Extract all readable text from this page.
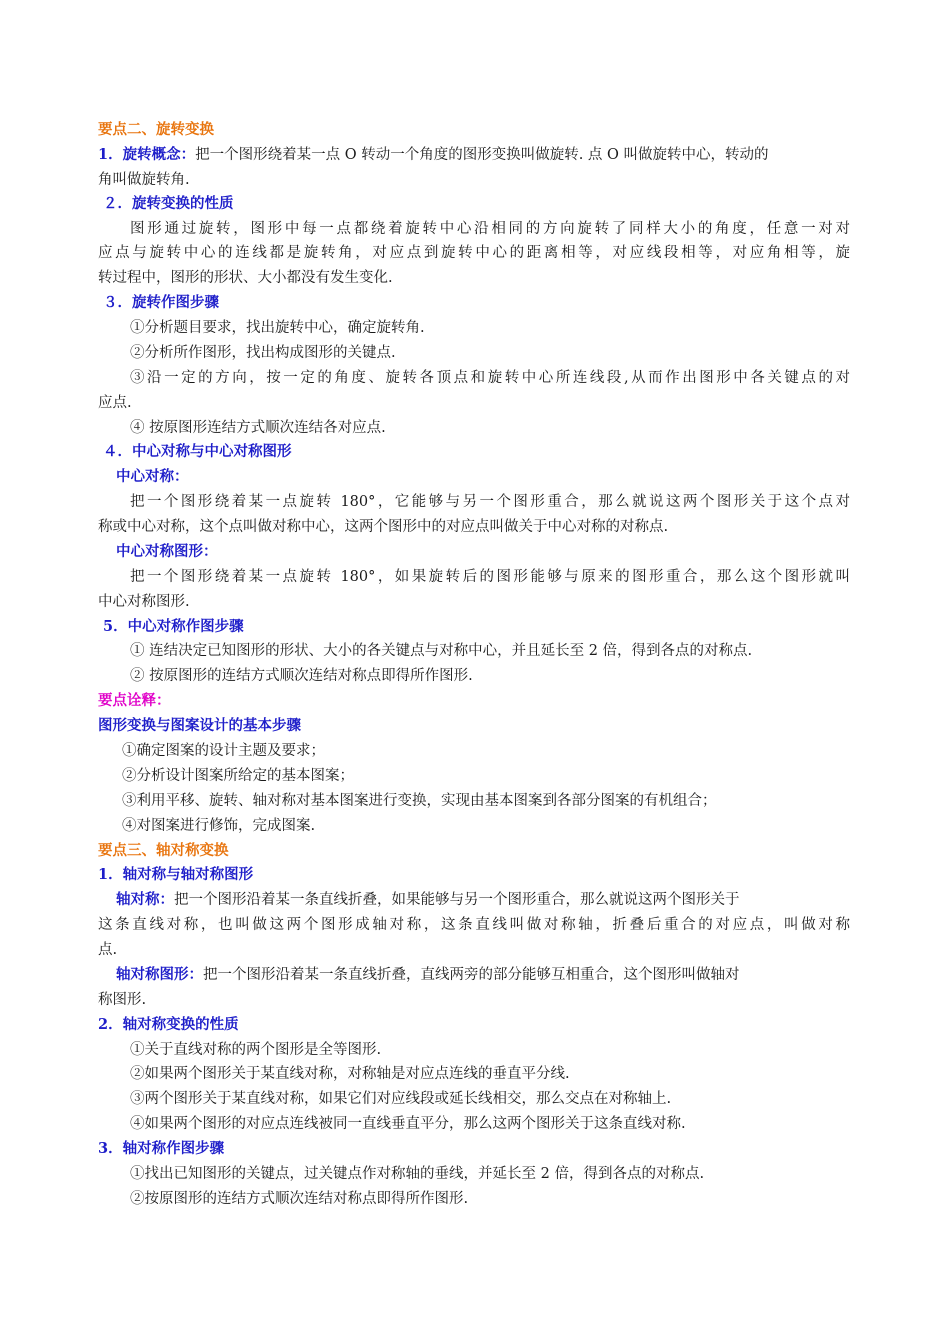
要点二、旋转变换
1．旋转概念：把一个图形绕着某一点 O 转动一个角度的图形变换叫做旋转. 点 O 叫做旋转中心，转动的
角叫做旋转角.
２．旋转变换的性质
图形通过旋转，图形中每一点都绕着旋转中心沿相同的方向旋转了同样大小的角度，任意一对对
应点与旋转中心的连线都是旋转角，对应点到旋转中心的距离相等，对应线段相等，对应角相等，旋
转过程中，图形的形状、大小都没有发生变化.
３．旋转作图步骤
①分析题目要求，找出旋转中心，确定旋转角.
②分析所作图形，找出构成图形的关键点.
③沿一定的方向，按一定的角度、旋转各顶点和旋转中心所连线段,从而作出图形中各关键点的对
应点.
④ 按原图形连结方式顺次连结各对应点.
４．中心对称与中心对称图形
中心对称：
把一个图形绕着某一点旋转 180°，它能够与另一个图形重合，那么就说这两个图形关于这个点对
称或中心对称，这个点叫做对称中心，这两个图形中的对应点叫做关于中心对称的对称点.
中心对称图形：
把一个图形绕着某一点旋转 180°，如果旋转后的图形能够与原来的图形重合，那么这个图形就叫
中心对称图形.
5．中心对称作图步骤
① 连结决定已知图形的形状、大小的各关键点与对称中心，并且延长至 2 倍，得到各点的对称点.
② 按原图形的连结方式顺次连结对称点即得所作图形.
要点诠释：
图形变换与图案设计的基本步骤
①确定图案的设计主题及要求；
②分析设计图案所给定的基本图案；
③利用平移、旋转、轴对称对基本图案进行变换，实现由基本图案到各部分图案的有机组合；
④对图案进行修饰，完成图案.
要点三、轴对称变换
1．轴对称与轴对称图形
轴对称：把一个图形沿着某一条直线折叠，如果能够与另一个图形重合，那么就说这两个图形关于
这条直线对称，也叫做这两个图形成轴对称，这条直线叫做对称轴，折叠后重合的对应点，叫做对称
点.
轴对称图形：把一个图形沿着某一条直线折叠，直线两旁的部分能够互相重合，这个图形叫做轴对
称图形.
2．轴对称变换的性质
①关于直线对称的两个图形是全等图形.
②如果两个图形关于某直线对称，对称轴是对应点连线的垂直平分线.
③两个图形关于某直线对称，如果它们对应线段或延长线相交，那么交点在对称轴上.
④如果两个图形的对应点连线被同一直线垂直平分，那么这两个图形关于这条直线对称.
3．轴对称作图步骤
①找出已知图形的关键点，过关键点作对称轴的垂线，并延长至 2 倍，得到各点的对称点.
②按原图形的连结方式顺次连结对称点即得所作图形.
